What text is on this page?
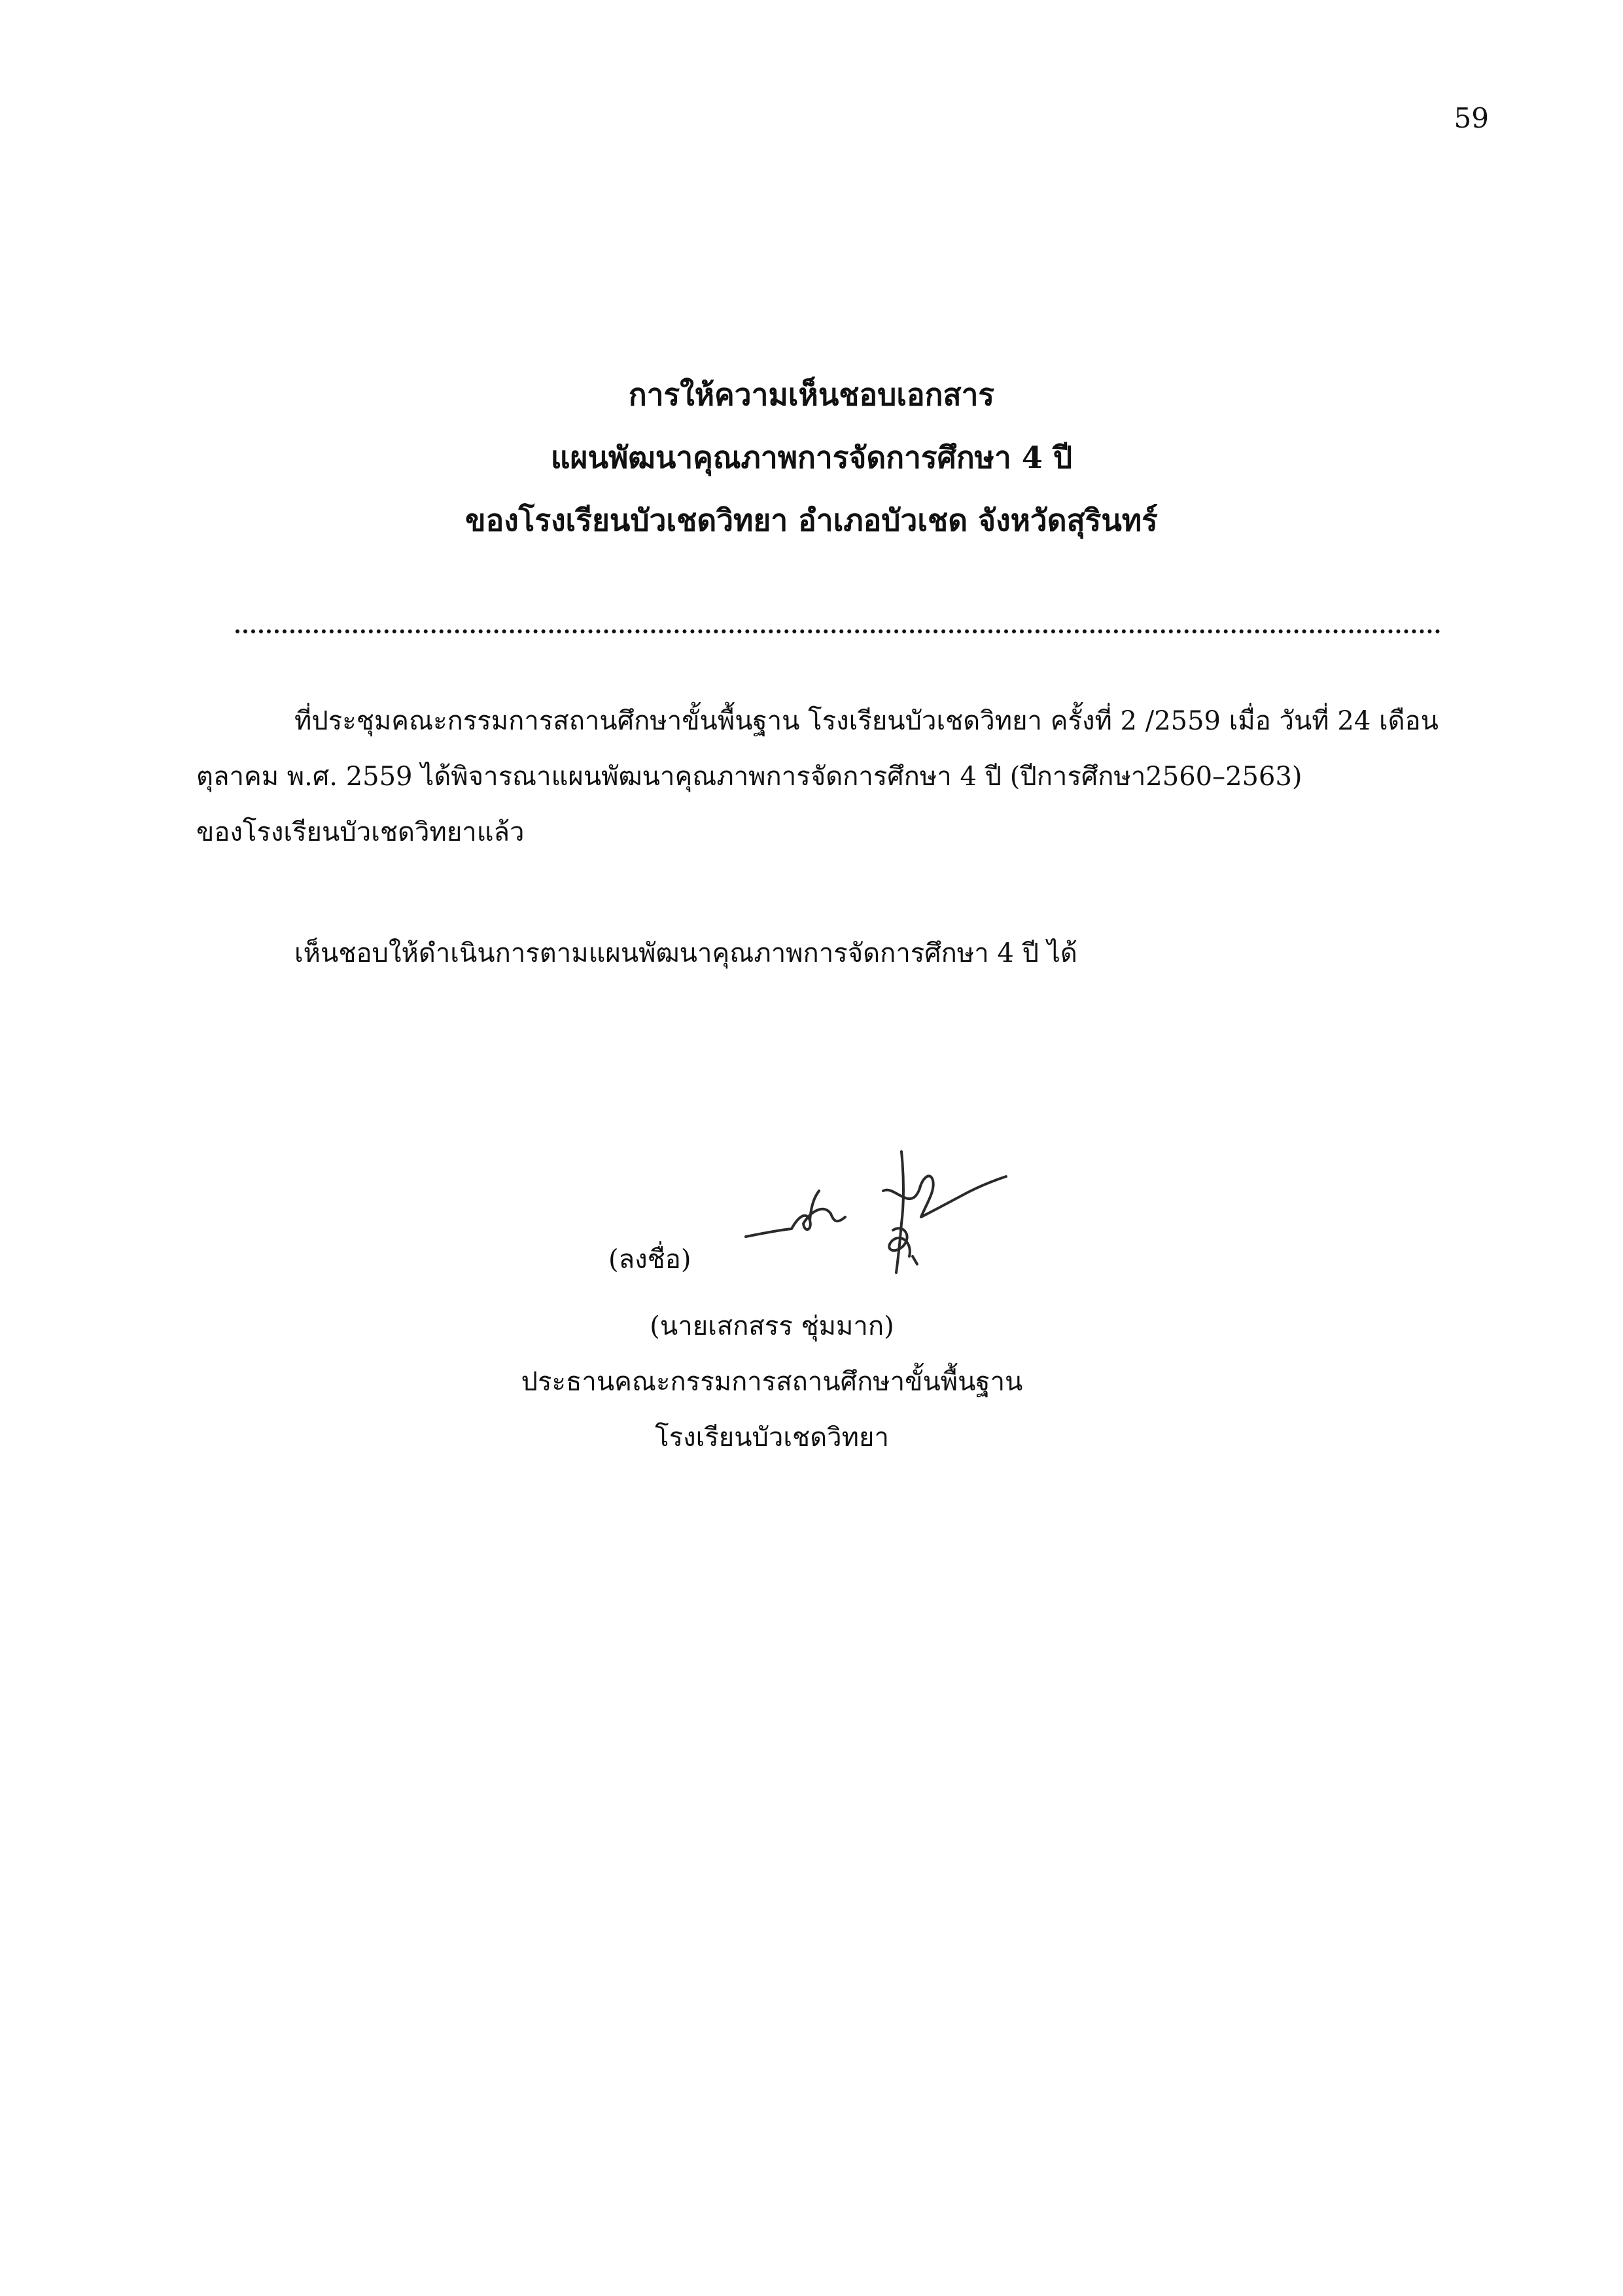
59
การให้ความเห็นชอบเอกสาร
แผนพัฒนาคุณภาพการจัดการศึกษา 4 ปี
ของโรงเรียนบัวเชดวิทยา อำเภอบัวเชด จังหวัดสุรินทร์
ที่ประชุมคณะกรรมการสถานศึกษาขั้นพื้นฐาน โรงเรียนบัวเชดวิทยา ครั้งที่ 2 /2559 เมื่อ วันที่ 24 เดือน
ตุลาคม พ.ศ. 2559 ได้พิจารณาแผนพัฒนาคุณภาพการจัดการศึกษา 4 ปี (ปีการศึกษา2560–2563)
ของโรงเรียนบัวเชดวิทยาแล้ว
เห็นชอบให้ดำเนินการตามแผนพัฒนาคุณภาพการจัดการศึกษา 4 ปี ได้
(ลงชื่อ)
(นายเสกสรร ชุ่มมาก)
ประธานคณะกรรมการสถานศึกษาขั้นพื้นฐาน
โรงเรียนบัวเชดวิทยา
